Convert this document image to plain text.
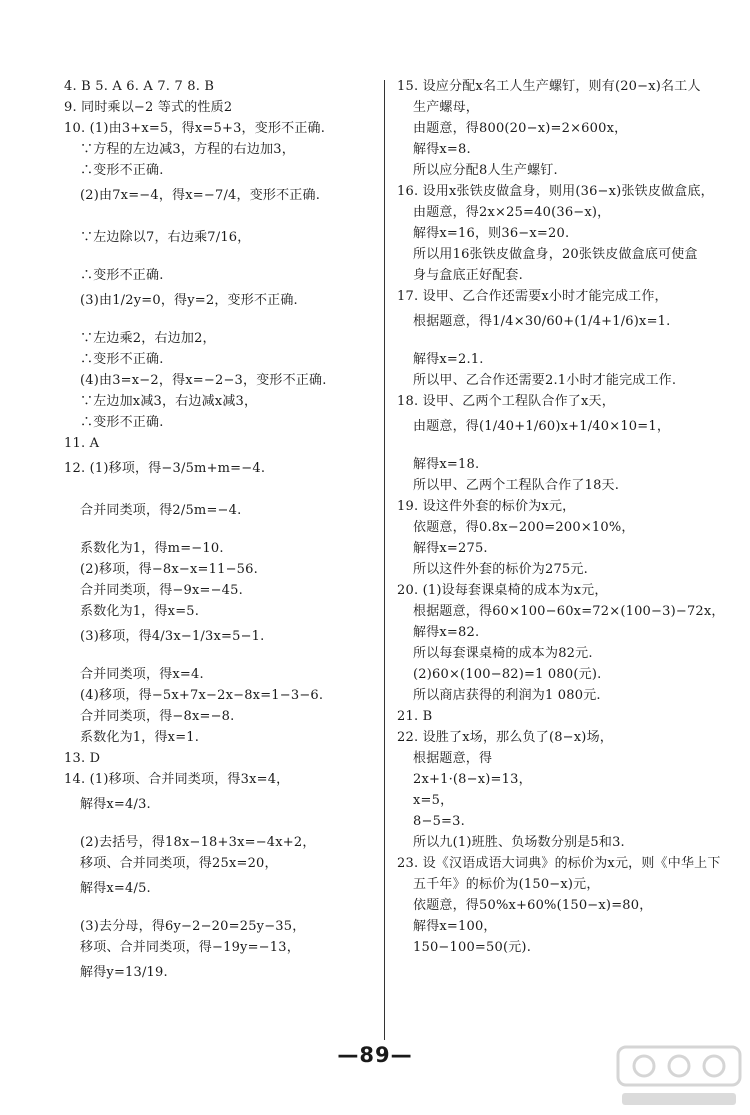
4. B 5. A 6. A 7. 7 8. B
9. 同时乘以−2 等式的性质2
10. (1)由3+x=5，得x=5+3，变形不正确.
∵方程的左边减3，方程的右边加3，
∴变形不正确.
(2)由7x=−4，得x=−7/4，变形不正确.
∵左边除以7，右边乘7/16，
∴变形不正确.
(3)由1/2y=0，得y=2，变形不正确.
∵左边乘2，右边加2，
∴变形不正确.
(4)由3=x−2，得x=−2−3，变形不正确.
∵左边加x减3，右边减x减3，
∴变形不正确.
11. A
12. (1)移项，得−3/5m+m=−4.
合并同类项，得2/5m=−4.
系数化为1，得m=−10.
(2)移项，得−8x−x=11−56.
合并同类项，得−9x=−45.
系数化为1，得x=5.
(3)移项，得4/3x−1/3x=5−1.
合并同类项，得x=4.
(4)移项，得−5x+7x−2x−8x=1−3−6.
合并同类项，得−8x=−8.
系数化为1，得x=1.
13. D
14. (1)移项、合并同类项，得3x=4，
解得x=4/3.
(2)去括号，得18x−18+3x=−4x+2，
移项、合并同类项，得25x=20，
解得x=4/5.
(3)去分母，得6y−2−20=25y−35，
移项、合并同类项，得−19y=−13，
解得y=13/19.
15. 设应分配x名工人生产螺钉，则有(20−x)名工人
生产螺母，
由题意，得800(20−x)=2×600x，
解得x=8.
所以应分配8人生产螺钉.
16. 设用x张铁皮做盒身，则用(36−x)张铁皮做盒底，
由题意，得2x×25=40(36−x)，
解得x=16，则36−x=20.
所以用16张铁皮做盒身，20张铁皮做盒底可使盒
身与盒底正好配套.
17. 设甲、乙合作还需要x小时才能完成工作，
根据题意，得1/4×30/60+(1/4+1/6)x=1.
解得x=2.1.
所以甲、乙合作还需要2.1小时才能完成工作.
18. 设甲、乙两个工程队合作了x天，
由题意，得(1/40+1/60)x+1/40×10=1，
解得x=18.
所以甲、乙两个工程队合作了18天.
19. 设这件外套的标价为x元，
依题意，得0.8x−200=200×10%，
解得x=275.
所以这件外套的标价为275元.
20. (1)设每套课桌椅的成本为x元，
根据题意，得60×100−60x=72×(100−3)−72x，
解得x=82.
所以每套课桌椅的成本为82元.
(2)60×(100−82)=1 080(元).
所以商店获得的利润为1 080元.
21. B
22. 设胜了x场，那么负了(8−x)场，
根据题意，得
2x+1·(8−x)=13，
x=5，
8−5=3.
所以九(1)班胜、负场数分别是5和3.
23. 设《汉语成语大词典》的标价为x元，则《中华上下
五千年》的标价为(150−x)元，
依题意，得50%x+60%(150−x)=80，
解得x=100，
150−100=50(元).
—89—
